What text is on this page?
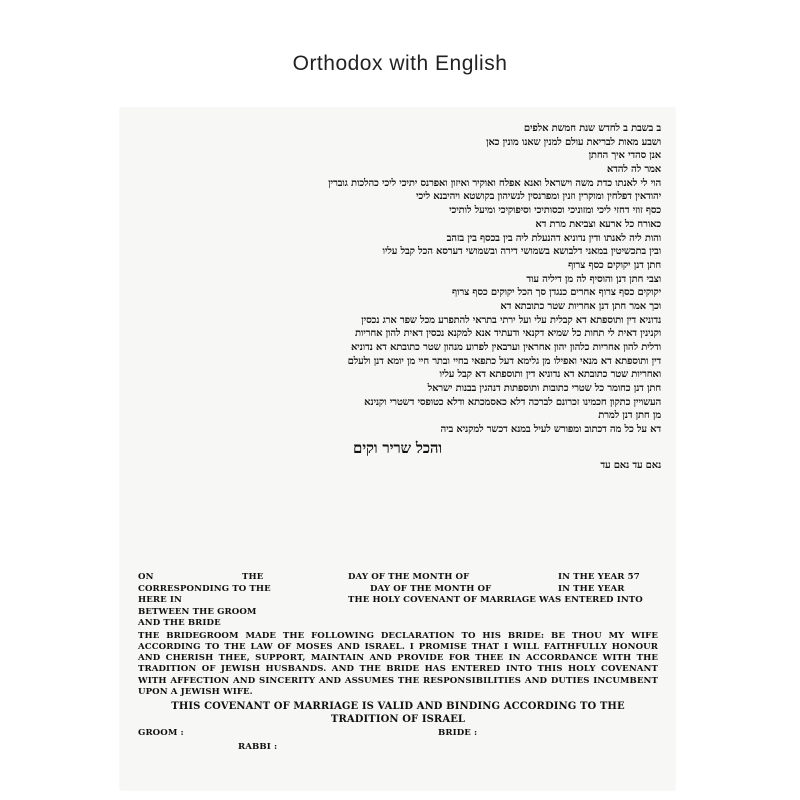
Orthodox with English
ב בשבת ב לחדש שנת חמשת אלפים
ושבע מאות לבריאת עולם למנין שאנו מונין כאן
אנן סהדי איך החתן
אמר לה להדא
הוי לי לאנתו כדת משה וישראל ואנא אפלח ואוקיר ואיזון ואפרנס יתיכי ליכי כהלכות גוברין
יהודאין דפלחין ומוקרין וזנין ומפרנסין לנשיהון בקושטא ויהיבנא ליכי
כסף זוזי דחזי ליכי ומזוניכי וכסותיכי וסיפוקיכי ומיעל לותיכי
כאורח כל ארעא וצביאת מרת דא
והות ליה לאנתו ודין נדוניא דהנעלת ליה בין בכסף בין בזהב
ובין בתכשיטין במאני דלבושא בשמושי דירה ובשמושי דערסא הכל קבל עליו
חתן דנן יקוקים כסף צרוף
וצבי חתן דנן והוסיף לה מן דיליה עוד
יקוקים כסף צרוף אחרים כנגדן סך הכל יקוקים כסף צרוף
וכך אמר חתן דנן אחריות שטר כתובתא דא
נדוניא דין ותוספתא דא קבלית עלי ועל ירתי בתראי להתפרע מכל שפר ארג נכסין
וקנינין דאית לי תחות כל שמיא דקנאי ודעתיד אנא למקנא נכסין דאית להון אחריות
ודלית להון אחריות כלהון יהון אחראין וערבאין לפרוע מנהון שטר כתובתא דא נדוניא
דין ותוספתא דא מנאי ואפילו מן גלימא דעל כתפאי בחיי ובתר חיי מן יומא דנן ולעלם
ואחריות שטר כתובתא דא נדוניא דין ותוספתא דא קבל עליו
חתן דנן כחומר כל שטרי כתובות ותוספתות דנהגין בבנות ישראל
העשויין כתקון חכמינו זכרונם לברכה דלא כאסמכתא ודלא כטופסי דשטרי וקנינא
מן חתן דנן למרת
דא על כל מה דכתוב ומפורש לעיל במנא דכשר למקניא ביה
והכל שריר וקים
נאם עד נאם עד
ON	THE	DAY OF THE MONTH OF	IN THE YEAR 57
CORRESPONDING TO THE	DAY OF THE MONTH OF	IN THE YEAR
HERE IN	THE HOLY COVENANT OF MARRIAGE WAS ENTERED INTO
BETWEEN THE GROOM
AND THE BRIDE
THE BRIDEGROOM MADE THE FOLLOWING DECLARATION TO HIS BRIDE: BE THOU MY WIFE ACCORDING TO THE LAW OF MOSES AND ISRAEL. I PROMISE THAT I WILL FAITHFULLY HONOUR AND CHERISH THEE, SUPPORT, MAINTAIN AND PROVIDE FOR THEE IN ACCORDANCE WITH THE TRADITION OF JEWISH HUSBANDS. AND THE BRIDE HAS ENTERED INTO THIS HOLY COVENANT WITH AFFECTION AND SINCERITY AND ASSUMES THE RESPONSIBILITIES AND DUTIES INCUMBENT UPON A JEWISH WIFE.
THIS COVENANT OF MARRIAGE IS VALID AND BINDING ACCORDING TO THE TRADITION OF ISRAEL
GROOM :	BRIDE :
RABBI :
